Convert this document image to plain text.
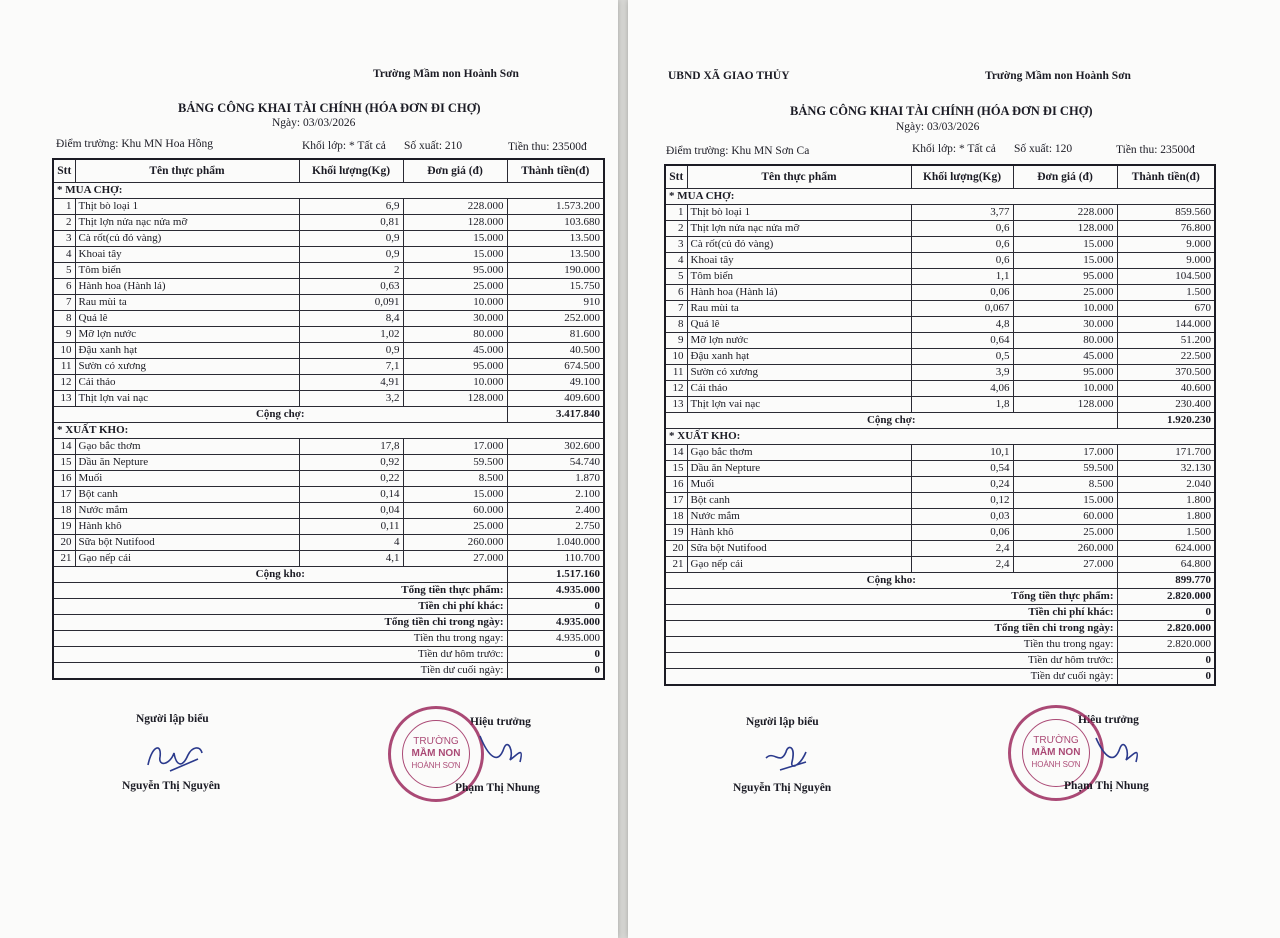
Trường Mầm non Hoành Sơn
BẢNG CÔNG KHAI TÀI CHÍNH (HÓA ĐƠN ĐI CHỢ)
Ngày: 03/03/2026
Điểm trường: Khu MN Hoa Hồng	Khối lớp: * Tất cả Số xuất: 210	Tiền thu: 23500đ
Stt	Tên thực phẩm	Khối lượng(Kg)	Đơn giá (đ)	Thành tiền(đ)
* MUA CHỢ:				
1	Thịt bò loại 1	6,9	228.000	1.573.200
2	Thịt lợn nửa nạc nửa mỡ	0,81	128.000	103.680
3	Cà rốt(củ đỏ vàng)	0,9	15.000	13.500
4	Khoai tây	0,9	15.000	13.500
5	Tôm biển	2	95.000	190.000
6	Hành hoa (Hành lá)	0,63	25.000	15.750
7	Rau mùi ta	0,091	10.000	910
8	Quả lê	8,4	30.000	252.000
9	Mỡ lợn nước	1,02	80.000	81.600
10	Đậu xanh hạt	0,9	45.000	40.500
11	Sườn có xương	7,1	95.000	674.500
12	Cải thảo	4,91	10.000	49.100
13	Thịt lợn vai nạc	3,2	128.000	409.600
Cộng chợ:				3.417.840
* XUẤT KHO:				
14	Gạo bắc thơm	17,8	17.000	302.600
15	Dầu ăn Nepture	0,92	59.500	54.740
16	Muối	0,22	8.500	1.870
17	Bột canh	0,14	15.000	2.100
18	Nước mắm	0,04	60.000	2.400
19	Hành khô	0,11	25.000	2.750
20	Sữa bột Nutifood	4	260.000	1.040.000
21	Gạo nếp cái	4,1	27.000	110.700
Cộng kho:				1.517.160
Tổng tiền thực phẩm:				4.935.000
Tiền chi phí khác:				0
Tổng tiền chi trong ngày:				4.935.000
Tiền thu trong ngay:				4.935.000
Tiền dư hôm trước:				0
Tiền dư cuối ngày:				0
Người lập biểu	Hiệu trưởng
TRƯỜNG
MẦM NON
HOÀNH SƠN
Nguyễn Thị Nguyên	Phạm Thị Nhung
UBND XÃ GIAO THỦY	Trường Mầm non Hoành Sơn
BẢNG CÔNG KHAI TÀI CHÍNH (HÓA ĐƠN ĐI CHỢ)
Ngày: 03/03/2026
Điểm trường: Khu MN Sơn Ca	Khối lớp: * Tất cả Số xuất: 120	Tiền thu: 23500đ
Stt	Tên thực phẩm	Khối lượng(Kg)	Đơn giá (đ)	Thành tiền(đ)
* MUA CHỢ:				
1	Thịt bò loại 1	3,77	228.000	859.560
2	Thịt lợn nửa nạc nửa mỡ	0,6	128.000	76.800
3	Cà rốt(củ đỏ vàng)	0,6	15.000	9.000
4	Khoai tây	0,6	15.000	9.000
5	Tôm biển	1,1	95.000	104.500
6	Hành hoa (Hành lá)	0,06	25.000	1.500
7	Rau mùi ta	0,067	10.000	670
8	Quả lê	4,8	30.000	144.000
9	Mỡ lợn nước	0,64	80.000	51.200
10	Đậu xanh hạt	0,5	45.000	22.500
11	Sườn có xương	3,9	95.000	370.500
12	Cải thảo	4,06	10.000	40.600
13	Thịt lợn vai nạc	1,8	128.000	230.400
Cộng chợ:				1.920.230
* XUẤT KHO:				
14	Gạo bắc thơm	10,1	17.000	171.700
15	Dầu ăn Nepture	0,54	59.500	32.130
16	Muối	0,24	8.500	2.040
17	Bột canh	0,12	15.000	1.800
18	Nước mắm	0,03	60.000	1.800
19	Hành khô	0,06	25.000	1.500
20	Sữa bột Nutifood	2,4	260.000	624.000
21	Gạo nếp cái	2,4	27.000	64.800
Cộng kho:				899.770
Tổng tiền thực phẩm:				2.820.000
Tiền chi phí khác:				0
Tổng tiền chi trong ngày:				2.820.000
Tiền thu trong ngay:				2.820.000
Tiền dư hôm trước:				0
Tiền dư cuối ngày:				0
Người lập biểu	Hiệu trưởng
TRƯỜNG
MẦM NON
HOÀNH SƠN
Nguyễn Thị Nguyên	Phạm Thị Nhung
